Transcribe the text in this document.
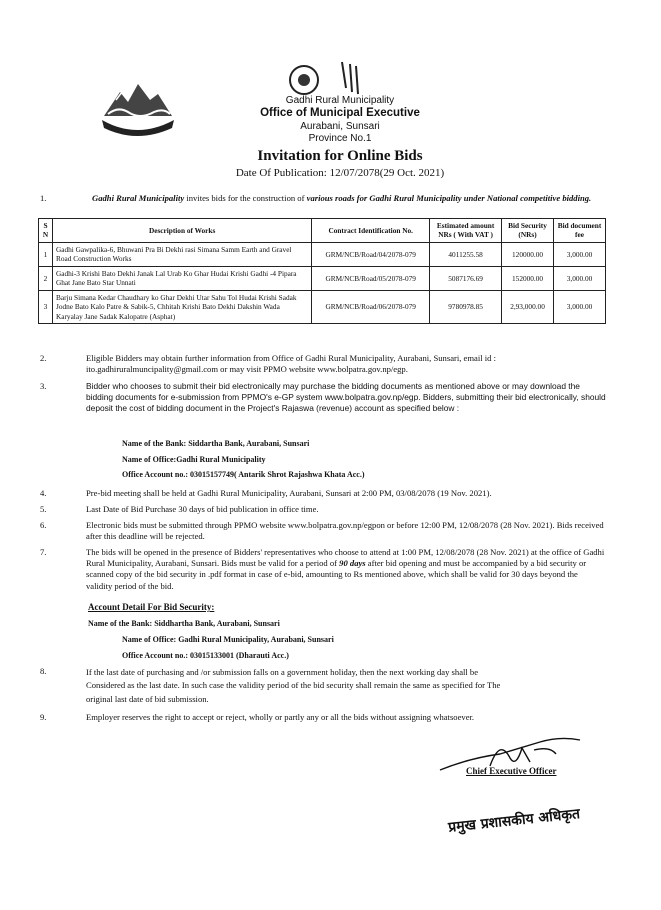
Gadhi Rural Municipality
Office of Municipal Executive
Aurabani, Sunsari
Province No.1
Invitation for Online Bids
Date Of Publication: 12/07/2078(29 Oct. 2021)
1.	Gadhi Rural Municipality invites bids for the construction of various roads for Gadhi Rural Municipality under National competitive bidding.
S N	Description of Works	Contract Identification No.	Estimated amount NRs ( With VAT )	Bid Security (NRs)	Bid document fee
1	Gadhi Gawpalika-6, Bhuwani Pra Bi Dekhi rasi Simana Samm Earth and Gravel Road Construction Works	GRM/NCB/Road/04/2078-079	4011255.58	120000.00	3,000.00
2	Gadhi-3 Krishi Bato Dekhi Janak Lal Urab Ko Ghar Hudai Krishi Gadhi -4 Pipara Ghat Jane Bato Star Unnati	GRM/NCB/Road/05/2078-079	5087176.69	152000.00	3,000.00
3	Barju Simana Kedar Chaudhary ko Ghar Dekhi Utar Sahu Tol Hudai Krishi Sadak Jodne Bato Kalo Patre & Sabik-5, Chhitah Krishi Bato Dekhi Dakshin Wada Karyalay Jane Sadak Kalopatre (Asphat)	GRM/NCB/Road/06/2078-079	9780978.85	2,93,000.00	3,000.00
2.	Eligible Bidders may obtain further information from Office of Gadhi Rural Municipality, Aurabani, Sunsari, email id : ito.gadhiruralmuncipality@gmail.com or may visit PPMO website www.bolpatra.gov.np/egp.
3.	Bidder who chooses to submit their bid electronically may purchase the bidding documents as mentioned above or may download the bidding documents for e-submission from PPMO's e-GP system www.bolpatra.gov.np/egp. Bidders, submitting their bid electronically, should deposit the cost of bidding document in the Project's Rajaswa (revenue) account as specified below :
Name of the Bank: Siddartha Bank, Aurabani, Sunsari
Name of Office:Gadhi Rural Municipality
Office Account no.: 03015157749( Antarik Shrot Rajashwa Khata Acc.)
4.	Pre-bid meeting shall be held at Gadhi Rural Municipality, Aurabani, Sunsari at 2:00 PM, 03/08/2078 (19 Nov. 2021).
5.	Last Date of Bid Purchase 30 days of bid publication in office time.
6.	Electronic bids must be submitted through PPMO website www.bolpatra.gov.np/egpon or before 12:00 PM, 12/08/2078 (28 Nov. 2021). Bids received after this deadline will be rejected.
7.	The bids will be opened in the presence of Bidders' representatives who choose to attend at 1:00 PM, 12/08/2078 (28 Nov. 2021) at the office of Gadhi Rural Municipality, Aurabani, Sunsari. Bids must be valid for a period of 90 days after bid opening and must be accompanied by a bid security or scanned copy of the bid security in .pdf format in case of e-bid, amounting to Rs mentioned above, which shall be valid for 30 days beyond the validity period of the bid.
Account Detail For Bid Security:
Name of the Bank: Siddhartha Bank, Aurabani, Sunsari
Name of Office: Gadhi Rural Municipality, Aurabani, Sunsari
Office Account no.: 03015133001 (Dharauti Acc.)
8.	If the last date of purchasing and /or submission falls on a government holiday, then the next working day shall be Considered as the last date. In such case the validity period of the bid security shall remain the same as specified for The original last date of bid submission.
9.	Employer reserves the right to accept or reject, wholly or partly any or all the bids without assigning whatsoever.
Chief Executive Officer
प्रमुख प्रशासकीय अधिकृत
